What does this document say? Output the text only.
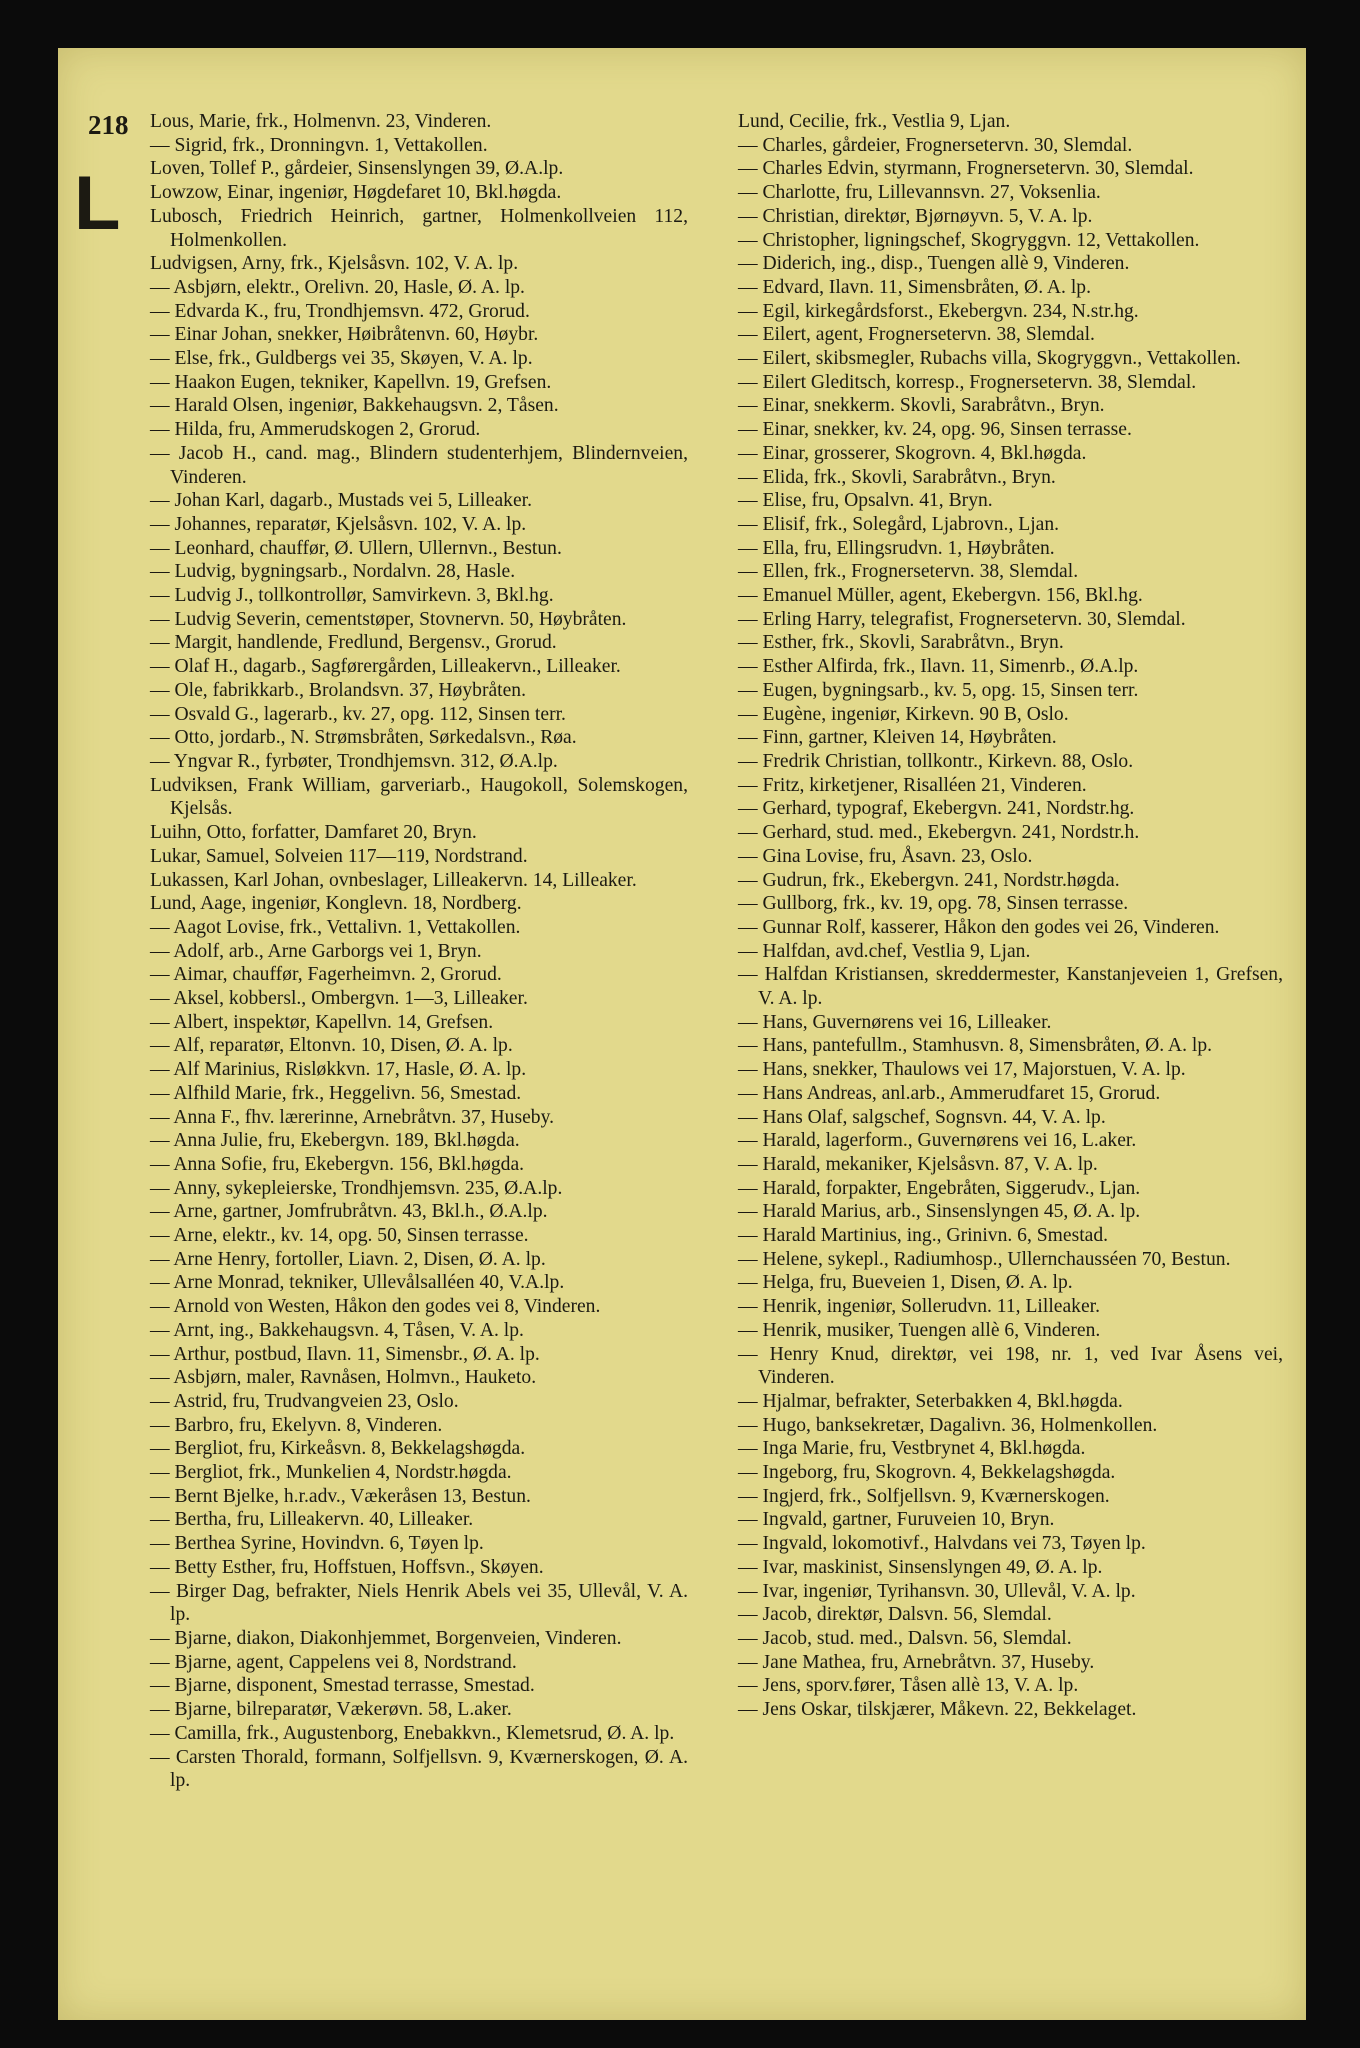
218
L
Lous, Marie, frk., Holmenvn. 23, Vinderen.
— Sigrid, frk., Dronningvn. 1, Vettakollen.
Loven, Tollef P., gårdeier, Sinsenslyngen 39, Ø.A.lp.
Lowzow, Einar, ingeniør, Høgdefaret 10, Bkl.høgda.
Lubosch, Friedrich Heinrich, gartner, Holmenkollveien 112, Holmenkollen.
Ludvigsen, Arny, frk., Kjelsåsvn. 102, V. A. lp.
— Asbjørn, elektr., Orelivn. 20, Hasle, Ø. A. lp.
— Edvarda K., fru, Trondhjemsvn. 472, Grorud.
— Einar Johan, snekker, Høibråtenvn. 60, Høybr.
— Else, frk., Guldbergs vei 35, Skøyen, V. A. lp.
— Haakon Eugen, tekniker, Kapellvn. 19, Grefsen.
— Harald Olsen, ingeniør, Bakkehaugsvn. 2, Tåsen.
— Hilda, fru, Ammerudskogen 2, Grorud.
— Jacob H., cand. mag., Blindern studenterhjem, Blindernveien, Vinderen.
— Johan Karl, dagarb., Mustads vei 5, Lilleaker.
— Johannes, reparatør, Kjelsåsvn. 102, V. A. lp.
— Leonhard, chauffør, Ø. Ullern, Ullernvn., Bestun.
— Ludvig, bygningsarb., Nordalvn. 28, Hasle.
— Ludvig J., tollkontrollør, Samvirkevn. 3, Bkl.hg.
— Ludvig Severin, cementstøper, Stovnervn. 50, Høybråten.
— Margit, handlende, Fredlund, Bergensv., Grorud.
— Olaf H., dagarb., Sagførergården, Lilleakervn., Lilleaker.
— Ole, fabrikkarb., Brolandsvn. 37, Høybråten.
— Osvald G., lagerarb., kv. 27, opg. 112, Sinsen terr.
— Otto, jordarb., N. Strømsbråten, Sørkedalsvn., Røa.
— Yngvar R., fyrbøter, Trondhjemsvn. 312, Ø.A.lp.
Ludviksen, Frank William, garveriarb., Haugokoll, Solemskogen, Kjelsås.
Luihn, Otto, forfatter, Damfaret 20, Bryn.
Lukar, Samuel, Solveien 117—119, Nordstrand.
Lukassen, Karl Johan, ovnbeslager, Lilleakervn. 14, Lilleaker.
Lund, Aage, ingeniør, Konglevn. 18, Nordberg.
— Aagot Lovise, frk., Vettalivn. 1, Vettakollen.
— Adolf, arb., Arne Garborgs vei 1, Bryn.
— Aimar, chauffør, Fagerheimvn. 2, Grorud.
— Aksel, kobbersl., Ombergvn. 1—3, Lilleaker.
— Albert, inspektør, Kapellvn. 14, Grefsen.
— Alf, reparatør, Eltonvn. 10, Disen, Ø. A. lp.
— Alf Marinius, Risløkkvn. 17, Hasle, Ø. A. lp.
— Alfhild Marie, frk., Heggelivn. 56, Smestad.
— Anna F., fhv. lærerinne, Arnebråtvn. 37, Huseby.
— Anna Julie, fru, Ekebergvn. 189, Bkl.høgda.
— Anna Sofie, fru, Ekebergvn. 156, Bkl.høgda.
— Anny, sykepleierske, Trondhjemsvn. 235, Ø.A.lp.
— Arne, gartner, Jomfrubråtvn. 43, Bkl.h., Ø.A.lp.
— Arne, elektr., kv. 14, opg. 50, Sinsen terrasse.
— Arne Henry, fortoller, Liavn. 2, Disen, Ø. A. lp.
— Arne Monrad, tekniker, Ullevålsalléen 40, V.A.lp.
— Arnold von Westen, Håkon den godes vei 8, Vinderen.
— Arnt, ing., Bakkehaugsvn. 4, Tåsen, V. A. lp.
— Arthur, postbud, Ilavn. 11, Simensbr., Ø. A. lp.
— Asbjørn, maler, Ravnåsen, Holmvn., Hauketo.
— Astrid, fru, Trudvangveien 23, Oslo.
— Barbro, fru, Ekelyvn. 8, Vinderen.
— Bergliot, fru, Kirkeåsvn. 8, Bekkelagshøgda.
— Bergliot, frk., Munkelien 4, Nordstr.høgda.
— Bernt Bjelke, h.r.adv., Vækeråsen 13, Bestun.
— Bertha, fru, Lilleakervn. 40, Lilleaker.
— Berthea Syrine, Hovindvn. 6, Tøyen lp.
— Betty Esther, fru, Hoffstuen, Hoffsvn., Skøyen.
— Birger Dag, befrakter, Niels Henrik Abels vei 35, Ullevål, V. A. lp.
— Bjarne, diakon, Diakonhjemmet, Borgenveien, Vinderen.
— Bjarne, agent, Cappelens vei 8, Nordstrand.
— Bjarne, disponent, Smestad terrasse, Smestad.
— Bjarne, bilreparatør, Vækerøvn. 58, L.aker.
— Camilla, frk., Augustenborg, Enebakkvn., Klemetsrud, Ø. A. lp.
— Carsten Thorald, formann, Solfjellsvn. 9, Kværnerskogen, Ø. A. lp.
Lund, Cecilie, frk., Vestlia 9, Ljan.
— Charles, gårdeier, Frognersetervn. 30, Slemdal.
— Charles Edvin, styrmann, Frognersetervn. 30, Slemdal.
— Charlotte, fru, Lillevannsvn. 27, Voksenlia.
— Christian, direktør, Bjørnøyvn. 5, V. A. lp.
— Christopher, ligningschef, Skogryggvn. 12, Vettakollen.
— Diderich, ing., disp., Tuengen allè 9, Vinderen.
— Edvard, Ilavn. 11, Simensbråten, Ø. A. lp.
— Egil, kirkegårdsforst., Ekebergvn. 234, N.str.hg.
— Eilert, agent, Frognersetervn. 38, Slemdal.
— Eilert, skibsmegler, Rubachs villa, Skogryggvn., Vettakollen.
— Eilert Gleditsch, korresp., Frognersetervn. 38, Slemdal.
— Einar, snekkerm. Skovli, Sarabråtvn., Bryn.
— Einar, snekker, kv. 24, opg. 96, Sinsen terrasse.
— Einar, grosserer, Skogrovn. 4, Bkl.høgda.
— Elida, frk., Skovli, Sarabråtvn., Bryn.
— Elise, fru, Opsalvn. 41, Bryn.
— Elisif, frk., Solegård, Ljabrovn., Ljan.
— Ella, fru, Ellingsrudvn. 1, Høybråten.
— Ellen, frk., Frognersetervn. 38, Slemdal.
— Emanuel Müller, agent, Ekebergvn. 156, Bkl.hg.
— Erling Harry, telegrafist, Frognersetervn. 30, Slemdal.
— Esther, frk., Skovli, Sarabråtvn., Bryn.
— Esther Alfirda, frk., Ilavn. 11, Simenrb., Ø.A.lp.
— Eugen, bygningsarb., kv. 5, opg. 15, Sinsen terr.
— Eugène, ingeniør, Kirkevn. 90 B, Oslo.
— Finn, gartner, Kleiven 14, Høybråten.
— Fredrik Christian, tollkontr., Kirkevn. 88, Oslo.
— Fritz, kirketjener, Risalléen 21, Vinderen.
— Gerhard, typograf, Ekebergvn. 241, Nordstr.hg.
— Gerhard, stud. med., Ekebergvn. 241, Nordstr.h.
— Gina Lovise, fru, Åsavn. 23, Oslo.
— Gudrun, frk., Ekebergvn. 241, Nordstr.høgda.
— Gullborg, frk., kv. 19, opg. 78, Sinsen terrasse.
— Gunnar Rolf, kasserer, Håkon den godes vei 26, Vinderen.
— Halfdan, avd.chef, Vestlia 9, Ljan.
— Halfdan Kristiansen, skreddermester, Kanstanjeveien 1, Grefsen, V. A. lp.
— Hans, Guvernørens vei 16, Lilleaker.
— Hans, pantefullm., Stamhusvn. 8, Simensbråten, Ø. A. lp.
— Hans, snekker, Thaulows vei 17, Majorstuen, V. A. lp.
— Hans Andreas, anl.arb., Ammerudfaret 15, Grorud.
— Hans Olaf, salgschef, Sognsvn. 44, V. A. lp.
— Harald, lagerform., Guvernørens vei 16, L.aker.
— Harald, mekaniker, Kjelsåsvn. 87, V. A. lp.
— Harald, forpakter, Engebråten, Siggerudv., Ljan.
— Harald Marius, arb., Sinsenslyngen 45, Ø. A. lp.
— Harald Martinius, ing., Grinivn. 6, Smestad.
— Helene, sykepl., Radiumhosp., Ullernchausséen 70, Bestun.
— Helga, fru, Bueveien 1, Disen, Ø. A. lp.
— Henrik, ingeniør, Sollerudvn. 11, Lilleaker.
— Henrik, musiker, Tuengen allè 6, Vinderen.
— Henry Knud, direktør, vei 198, nr. 1, ved Ivar Åsens vei, Vinderen.
— Hjalmar, befrakter, Seterbakken 4, Bkl.høgda.
— Hugo, banksekretær, Dagalivn. 36, Holmenkollen.
— Inga Marie, fru, Vestbrynet 4, Bkl.høgda.
— Ingeborg, fru, Skogrovn. 4, Bekkelagshøgda.
— Ingjerd, frk., Solfjellsvn. 9, Kværnerskogen.
— Ingvald, gartner, Furuveien 10, Bryn.
— Ingvald, lokomotivf., Halvdans vei 73, Tøyen lp.
— Ivar, maskinist, Sinsenslyngen 49, Ø. A. lp.
— Ivar, ingeniør, Tyrihansvn. 30, Ullevål, V. A. lp.
— Jacob, direktør, Dalsvn. 56, Slemdal.
— Jacob, stud. med., Dalsvn. 56, Slemdal.
— Jane Mathea, fru, Arnebråtvn. 37, Huseby.
— Jens, sporv.fører, Tåsen allè 13, V. A. lp.
— Jens Oskar, tilskjærer, Måkevn. 22, Bekkelaget.
